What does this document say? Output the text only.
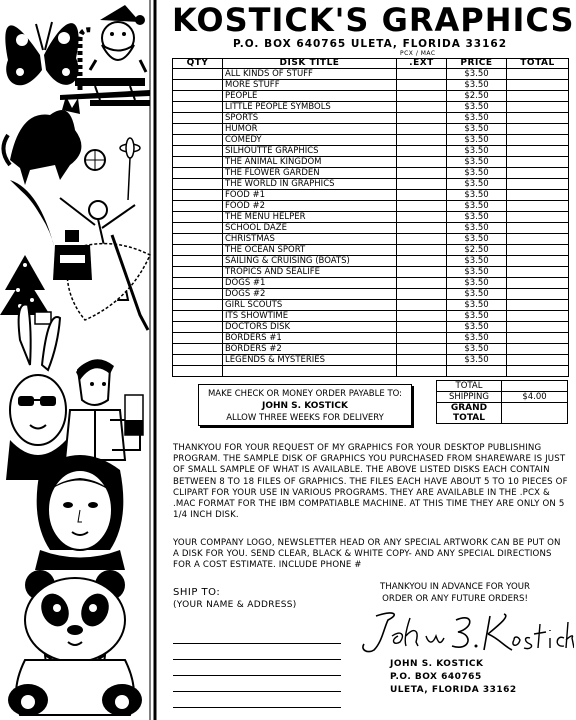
KOSTICK'S GRAPHICS
P.O. BOX 640765 ULETA, FLORIDA 33162
PCX / MAC
QTY	DISK TITLE	.EXT	PRICE	TOTAL
	ALL KINDS OF STUFF		$3.50	
	MORE STUFF		$3.50	
	PEOPLE		$2.50	
	LITTLE PEOPLE SYMBOLS		$3.50	
	SPORTS		$3.50	
	HUMOR		$3.50	
	COMEDY		$3.50	
	SILHOUTTE GRAPHICS		$3.50	
	THE ANIMAL KINGDOM		$3.50	
	THE FLOWER GARDEN		$3.50	
	THE WORLD IN GRAPHICS		$3.50	
	FOOD #1		$3.50	
	FOOD #2		$3.50	
	THE MENU HELPER		$3.50	
	SCHOOL DAZE		$3.50	
	CHRISTMAS		$3.50	
	THE OCEAN SPORT		$2.50	
	SAILING & CRUISING (BOATS)		$3.50	
	TROPICS AND SEALIFE		$3.50	
	DOGS #1		$3.50	
	DOGS #2		$3.50	
	GIRL SCOUTS		$3.50	
	ITS SHOWTIME		$3.50	
	DOCTORS DISK		$3.50	
	BORDERS #1		$3.50	
	BORDERS #2		$3.50	
	LEGENDS & MYSTERIES		$3.50	

MAKE CHECK OR MONEY ORDER PAYABLE TO:
JOHN S. KOSTICK
ALLOW THREE WEEKS FOR DELIVERY
TOTAL	
SHIPPING	$4.00

GRAND
TOTAL	

THANKYOU FOR YOUR REQUEST OF MY GRAPHICS FOR YOUR DESKTOP PUBLISHING PROGRAM. THE SAMPLE DISK OF GRAPHICS YOU PURCHASED FROM SHAREWARE IS JUST OF SMALL SAMPLE OF WHAT IS AVAILABLE. THE ABOVE LISTED DISKS EACH CONTAIN BETWEEN 8 TO 18 FILES OF GRAPHICS. THE FILES EACH HAVE ABOUT 5 TO 10 PIECES OF CLIPART FOR YOUR USE IN VARIOUS PROGRAMS. THEY ARE AVAILABLE IN THE .PCX & .MAC FORMAT FOR THE IBM COMPATIABLE MACHINE. AT THIS TIME THEY ARE ONLY ON 5 1/4 INCH DISK.
YOUR COMPANY LOGO, NEWSLETTER HEAD OR ANY SPECIAL ARTWORK CAN BE PUT ON A DISK FOR YOU. SEND CLEAR, BLACK & WHITE COPY- AND ANY SPECIAL DIRECTIONS FOR A COST ESTIMATE. INCLUDE PHONE #
SHIP TO:
(YOUR NAME & ADDRESS)
THANKYOU IN ADVANCE FOR YOUR
ORDER OR ANY FUTURE ORDERS!
JOHN S. KOSTICK
P.O. BOX 640765
ULETA, FLORIDA 33162
